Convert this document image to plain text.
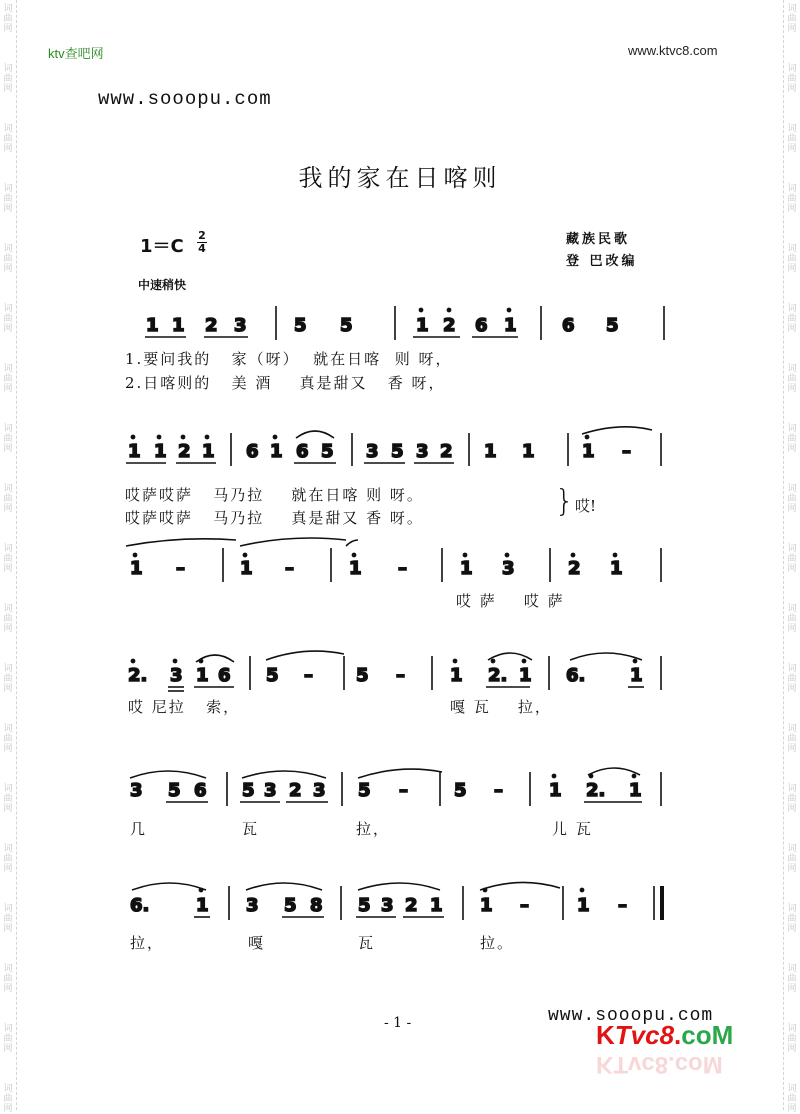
词
曲
网
词
曲
网
词
曲
网
词
曲
网
词
曲
网
词
曲
网
词
曲
网
词
曲
网
词
曲
网
词
曲
网
词
曲
网
词
曲
网
词
曲
网
词
曲
网
词
曲
网
词
曲
网
词
曲
网
词
曲
网
词
曲
网
词
曲
网
词
曲
网
词
曲
网
词
曲
网
词
曲
网
词
曲
网
词
曲
网
词
曲
网
词
曲
网
词
曲
网
词
曲
网
词
曲
网
词
曲
网
词
曲
网
词
曲
网
词
曲
网
词
曲
网
词
曲
网
词
曲
网
ktv查吧网	www.ktvc8.com
www.sooopu.com
我的家在日喀则
1＝C
2
4
藏族民歌
登 巴改编
中速稍快
1 1 2 3	5 5	1 2 6 1	6 5
1 1 2 1 6 1 6 5 3 5 3 2 1 1	1 –
1 –	1 –	1 –	1 3	2 1
2. 3 1 6 5 – 5 –	1 2. 1 6. 1
3 5 6 5 3 2 3 5 –	5 –	1 2. 1
6.	1 3 5 8 5 3 2 1 1 –	1 –
1.要问我的   家（呀）  就在日喀  则 呀，
2.日喀则的   美 酒    真是甜又   香 呀，
哎萨哎萨   马乃拉    就在日喀 则 呀。
哎萨哎萨   马乃拉    真是甜又 香 呀。	} 哎!
哎 萨    哎 萨
哎 尼拉   索，	嘎 瓦    拉，
几	瓦	拉，	儿 瓦
拉，	嘎	瓦	拉。
- 1 -	www.sooopu.com
KTvc8.coM
KTvc8.coM
